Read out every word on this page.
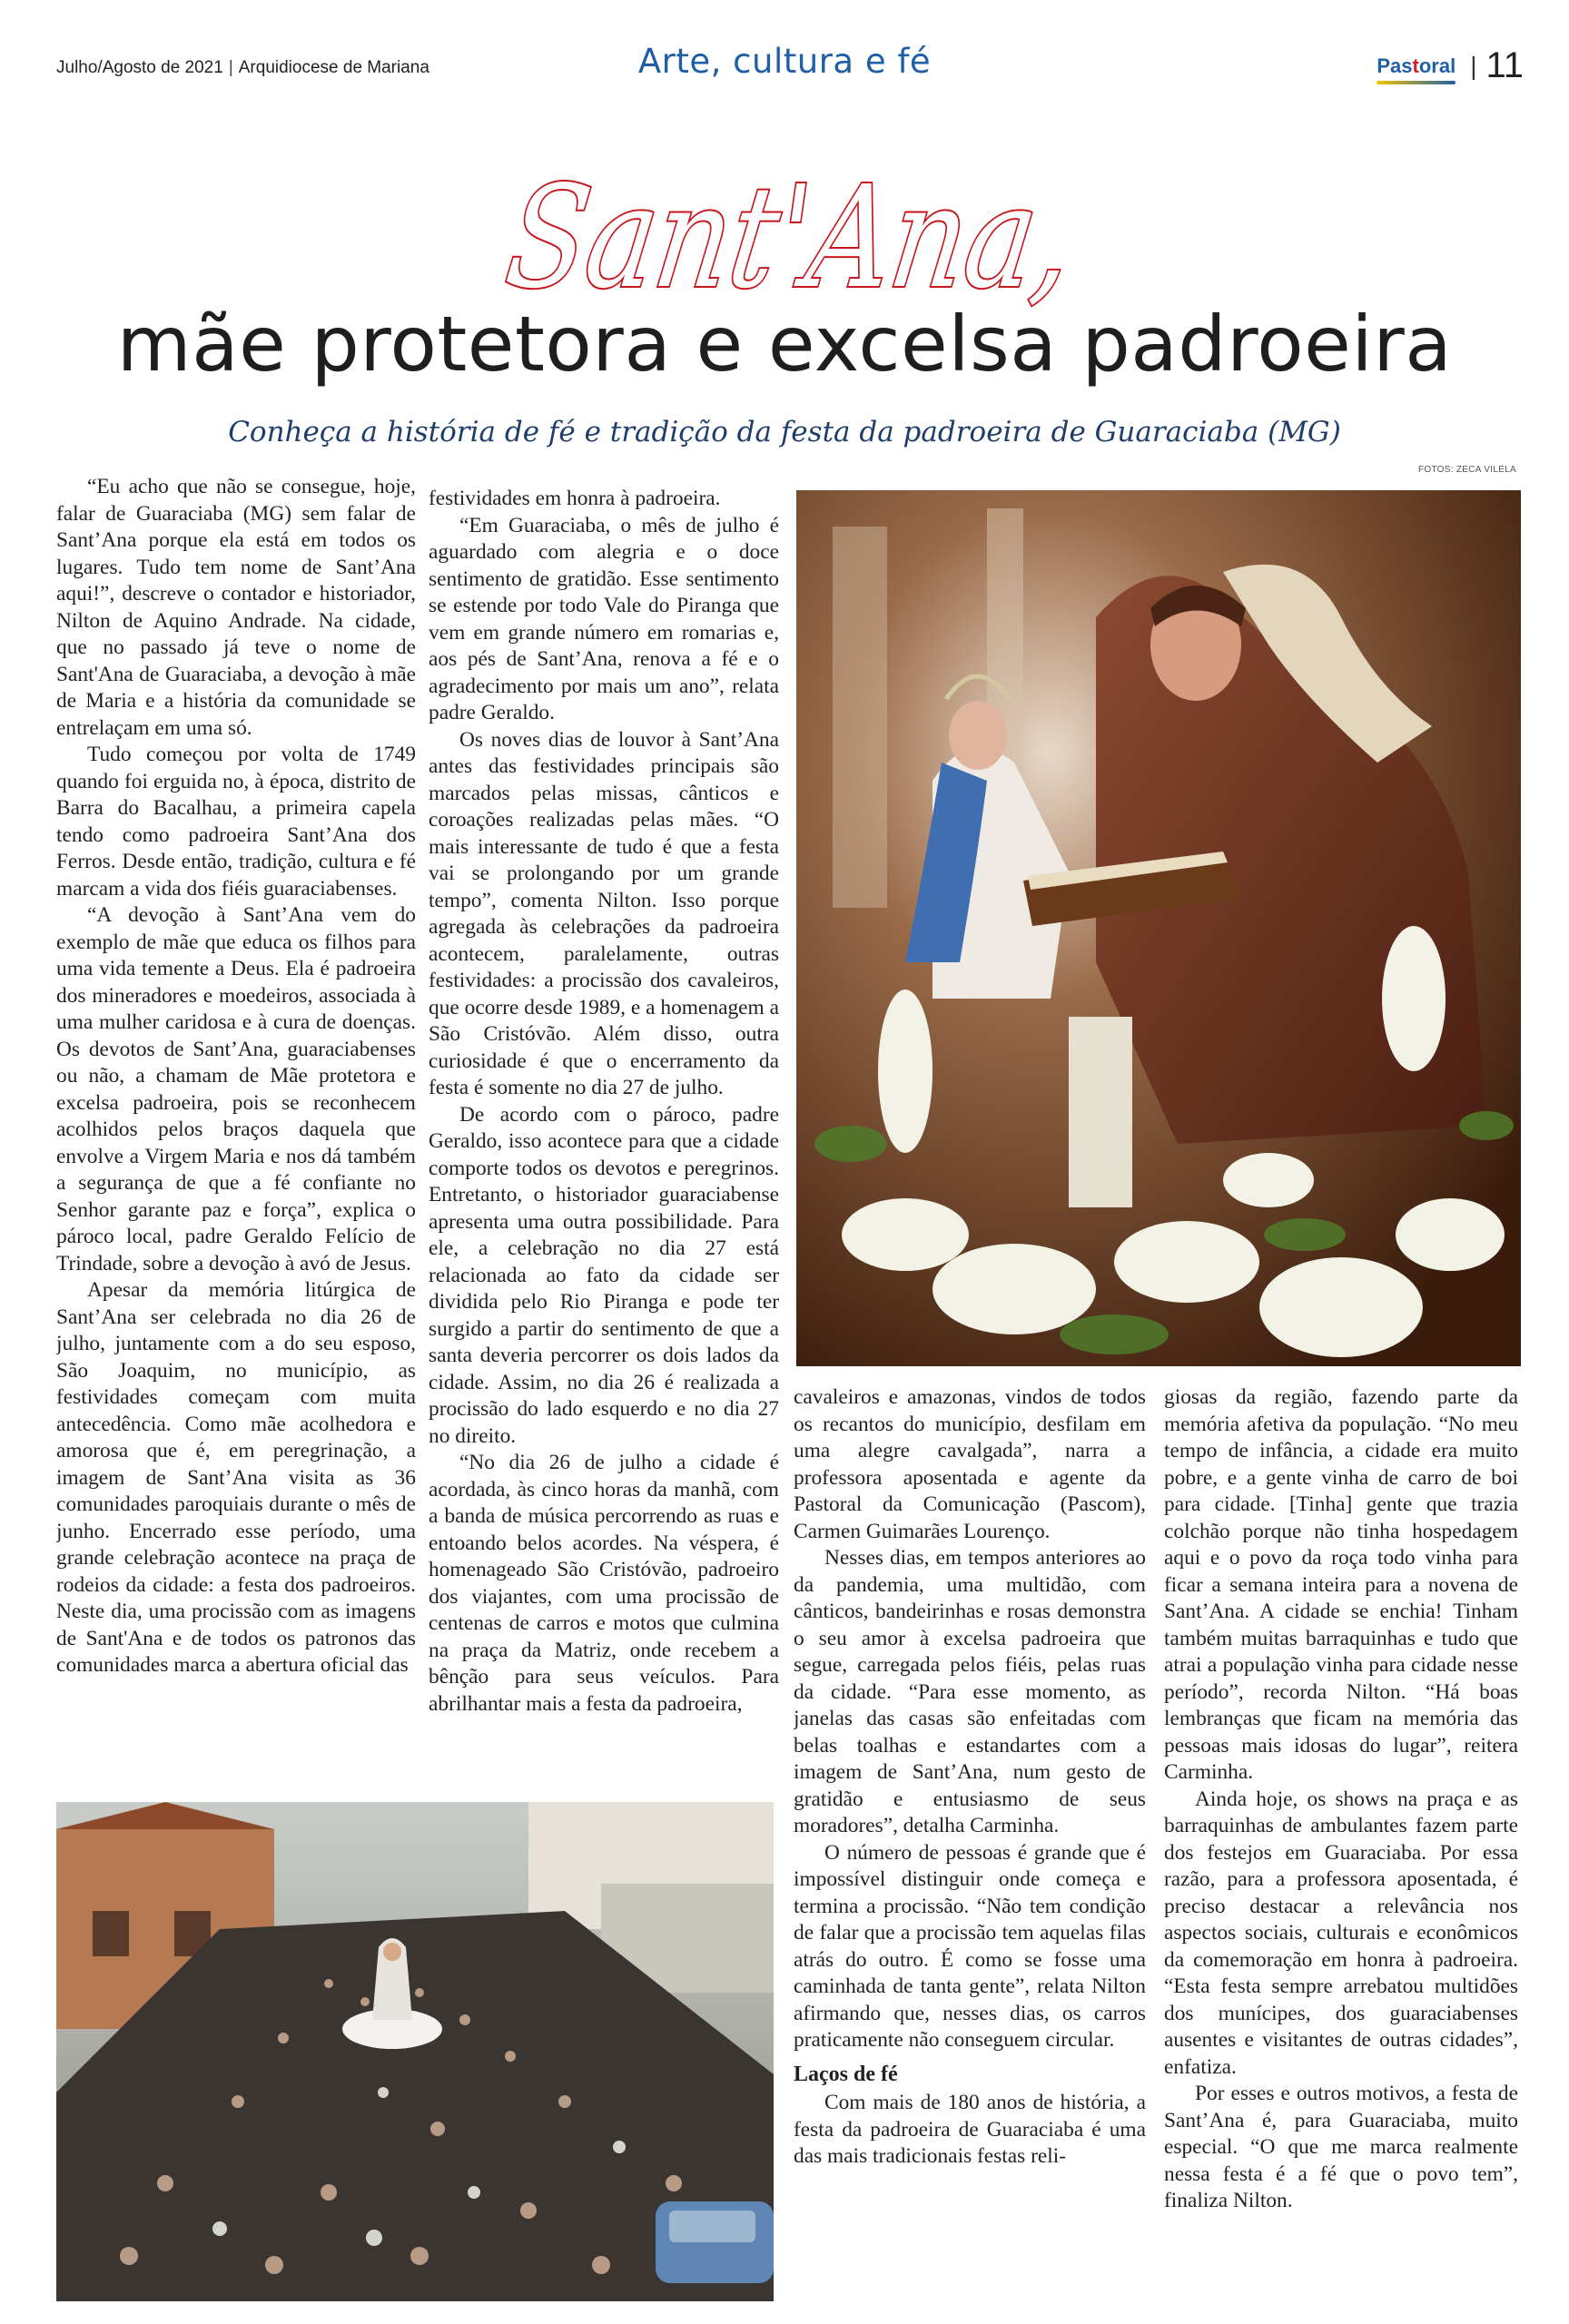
Julho/Agosto de 2021 | Arquidiocese de Mariana	Arte, cultura e fé	Pastoral | 11
Sant'Ana,
mãe protetora e excelsa padroeira
Conheça a história de fé e tradição da festa da padroeira de Guaraciaba (MG)
FOTOS: ZECA VILELA

“Eu acho que não se consegue, hoje, falar de Guaraciaba (MG) sem falar de Sant’Ana porque ela está em todos os lugares. Tudo tem nome de Sant’Ana aqui!”, descreve o contador e historiador, Nilton de Aquino Andrade. Na cidade, que no passado já teve o nome de Sant'Ana de Guaraciaba, a devoção à mãe de Maria e a história da comunidade se entrelaçam em uma só.

Tudo começou por volta de 1749 quando foi erguida no, à época, distrito de Barra do Bacalhau, a primeira capela tendo como padroeira Sant’Ana dos Ferros. Desde então, tradição, cultura e fé marcam a vida dos fiéis guaraciabenses.

“A devoção à Sant’Ana vem do exemplo de mãe que educa os filhos para uma vida temente a Deus. Ela é padroeira dos mineradores e moedeiros, associada à uma mulher caridosa e à cura de doenças. Os devotos de Sant’Ana, guaraciabenses ou não, a chamam de Mãe protetora e excelsa padroeira, pois se reconhecem acolhidos pelos braços daquela que envolve a Virgem Maria e nos dá também a segurança de que a fé confiante no Senhor garante paz e força”, explica o pároco local, padre Geraldo Felício de Trindade, sobre a devoção à avó de Jesus.

Apesar da memória litúrgica de Sant’Ana ser celebrada no dia 26 de julho, juntamente com a do seu esposo, São Joaquim, no município, as festividades começam com muita antecedência. Como mãe acolhedora e amorosa que é, em peregrinação, a imagem de Sant’Ana visita as 36 comunidades paroquiais durante o mês de junho. Encerrado esse período, uma grande celebração acontece na praça de rodeios da cidade: a festa dos padroeiros. Neste dia, uma procissão com as imagens de Sant'Ana e de todos os patronos das comunidades marca a abertura oficial das

festividades em honra à padroeira.

“Em Guaraciaba, o mês de julho é aguardado com alegria e o doce sentimento de gratidão. Esse sentimento se estende por todo Vale do Piranga que vem em grande número em romarias e, aos pés de Sant’Ana, renova a fé e o agradecimento por mais um ano”, relata padre Geraldo.

Os noves dias de louvor à Sant’Ana antes das festividades principais são marcados pelas missas, cânticos e coroações realizadas pelas mães. “O mais interessante de tudo é que a festa vai se prolongando por um grande tempo”, comenta Nilton. Isso porque agregada às celebrações da padroeira acontecem, paralelamente, outras festividades: a procissão dos cavaleiros, que ocorre desde 1989, e a homenagem a São Cristóvão. Além disso, outra curiosidade é que o encerramento da festa é somente no dia 27 de julho.

De acordo com o pároco, padre Geraldo, isso acontece para que a cidade comporte todos os devotos e peregrinos. Entretanto, o historiador guaraciabense apresenta uma outra possibilidade. Para ele, a celebração no dia 27 está relacionada ao fato da cidade ser dividida pelo Rio Piranga e pode ter surgido a partir do sentimento de que a santa deveria percorrer os dois lados da cidade. Assim, no dia 26 é realizada a procissão do lado esquerdo e no dia 27 no direito.

“No dia 26 de julho a cidade é acordada, às cinco horas da manhã, com a banda de música percorrendo as ruas e entoando belos acordes. Na véspera, é homenageado São Cristóvão, padroeiro dos viajantes, com uma procissão de centenas de carros e motos que culmina na praça da Matriz, onde recebem a bênção para seus veículos. Para abrilhantar mais a festa da padroeira,

cavaleiros e amazonas, vindos de todos os recantos do município, desfilam em uma alegre cavalgada”, narra a professora aposentada e agente da Pastoral da Comunicação (Pascom), Carmen Guimarães Lourenço.

Nesses dias, em tempos anteriores ao da pandemia, uma multidão, com cânticos, bandeirinhas e rosas demonstra o seu amor à excelsa padroeira que segue, carregada pelos fiéis, pelas ruas da cidade. “Para esse momento, as janelas das casas são enfeitadas com belas toalhas e estandartes com a imagem de Sant’Ana, num gesto de gratidão e entusiasmo de seus moradores”, detalha Carminha.

O número de pessoas é grande que é impossível distinguir onde começa e termina a procissão. “Não tem condição de falar que a procissão tem aquelas filas atrás do outro. É como se fosse uma caminhada de tanta gente”, relata Nilton afirmando que, nesses dias, os carros praticamente não conseguem circular.

Laços de fé

Com mais de 180 anos de história, a festa da padroeira de Guaraciaba é uma das mais tradicionais festas reli-

giosas da região, fazendo parte da memória afetiva da população. “No meu tempo de infância, a cidade era muito pobre, e a gente vinha de carro de boi para cidade. [Tinha] gente que trazia colchão porque não tinha hospedagem aqui e o povo da roça todo vinha para ficar a semana inteira para a novena de Sant’Ana. A cidade se enchia! Tinham também muitas barraquinhas e tudo que atrai a população vinha para cidade nesse período”, recorda Nilton. “Há boas lembranças que ficam na memória das pessoas mais idosas do lugar”, reitera Carminha.

Ainda hoje, os shows na praça e as barraquinhas de ambulantes fazem parte dos festejos em Guaraciaba. Por essa razão, para a professora aposentada, é preciso destacar a relevância nos aspectos sociais, culturais e econômicos da comemoração em honra à padroeira. “Esta festa sempre arrebatou multidões dos munícipes, dos guaraciabenses ausentes e visitantes de outras cidades”, enfatiza.

Por esses e outros motivos, a festa de Sant’Ana é, para Guaraciaba, muito especial. “O que me marca realmente nessa festa é a fé que o povo tem”, finaliza Nilton.
